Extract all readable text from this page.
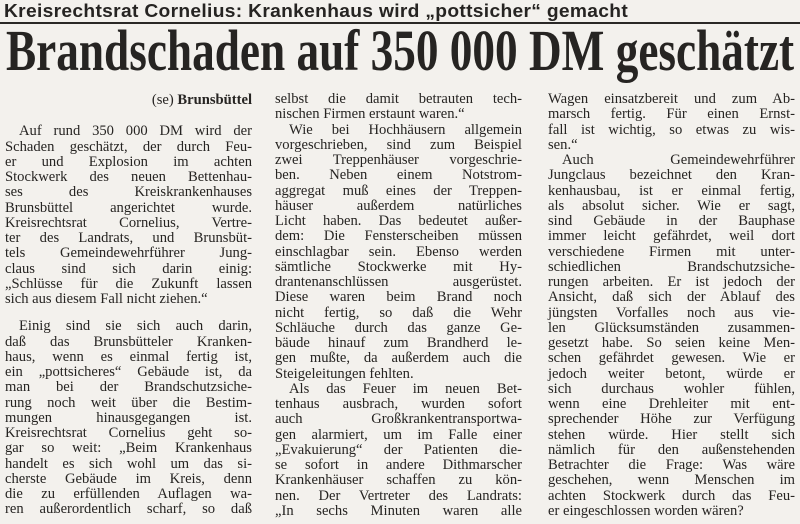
Kreisrechtsrat Cornelius: Krankenhaus wird „pottsicher“ gemacht
Brandschaden auf 350 000 DM geschätzt
(se) Brunsbüttel
Auf rund 350 000 DM wird der
Schaden geschätzt, der durch Feu-
er und Explosion im achten
Stockwerk des neuen Bettenhau-
ses des Kreiskrankenhauses
Brunsbüttel angerichtet wurde.
Kreisrechtsrat Cornelius, Vertre-
ter des Landrats, und Brunsbüt-
tels Gemeindewehrführer Jung-
claus sind sich darin einig:
„Schlüsse für die Zukunft lassen
sich aus diesem Fall nicht ziehen.“
Einig sind sie sich auch darin,
daß das Brunsbütteler Kranken-
haus, wenn es einmal fertig ist,
ein „pottsicheres“ Gebäude ist, da
man bei der Brandschutzsiche-
rung noch weit über die Bestim-
mungen hinausgegangen ist.
Kreisrechtsrat Cornelius geht so-
gar so weit: „Beim Krankenhaus
handelt es sich wohl um das si-
cherste Gebäude im Kreis, denn
die zu erfüllenden Auflagen wa-
ren außerordentlich scharf, so daß
selbst die damit betrauten tech-
nischen Firmen erstaunt waren.“
Wie bei Hochhäusern allgemein
vorgeschrieben, sind zum Beispiel
zwei Treppenhäuser vorgeschrie-
ben. Neben einem Notstrom-
aggregat muß eines der Treppen-
häuser außerdem natürliches
Licht haben. Das bedeutet außer-
dem: Die Fensterscheiben müssen
einschlagbar sein. Ebenso werden
sämtliche Stockwerke mit Hy-
drantenanschlüssen ausgerüstet.
Diese waren beim Brand noch
nicht fertig, so daß die Wehr
Schläuche durch das ganze Ge-
bäude hinauf zum Brandherd le-
gen mußte, da außerdem auch die
Steigeleitungen fehlten.
Als das Feuer im neuen Bet-
tenhaus ausbrach, wurden sofort
auch Großkrankentransportwa-
gen alarmiert, um im Falle einer
„Evakuierung“ der Patienten die-
se sofort in andere Dithmarscher
Krankenhäuser schaffen zu kön-
nen. Der Vertreter des Landrats:
„In sechs Minuten waren alle
Wagen einsatzbereit und zum Ab-
marsch fertig. Für einen Ernst-
fall ist wichtig, so etwas zu wis-
sen.“
Auch Gemeindewehrführer
Jungclaus bezeichnet den Kran-
kenhausbau, ist er einmal fertig,
als absolut sicher. Wie er sagt,
sind Gebäude in der Bauphase
immer leicht gefährdet, weil dort
verschiedene Firmen mit unter-
schiedlichen Brandschutzsiche-
rungen arbeiten. Er ist jedoch der
Ansicht, daß sich der Ablauf des
jüngsten Vorfalles noch aus vie-
len Glücksumständen zusammen-
gesetzt habe. So seien keine Men-
schen gefährdet gewesen. Wie er
jedoch weiter betont, würde er
sich durchaus wohler fühlen,
wenn eine Drehleiter mit ent-
sprechender Höhe zur Verfügung
stehen würde. Hier stellt sich
nämlich für den außenstehenden
Betrachter die Frage: Was wäre
geschehen, wenn Menschen im
achten Stockwerk durch das Feu-
er eingeschlossen worden wären?
